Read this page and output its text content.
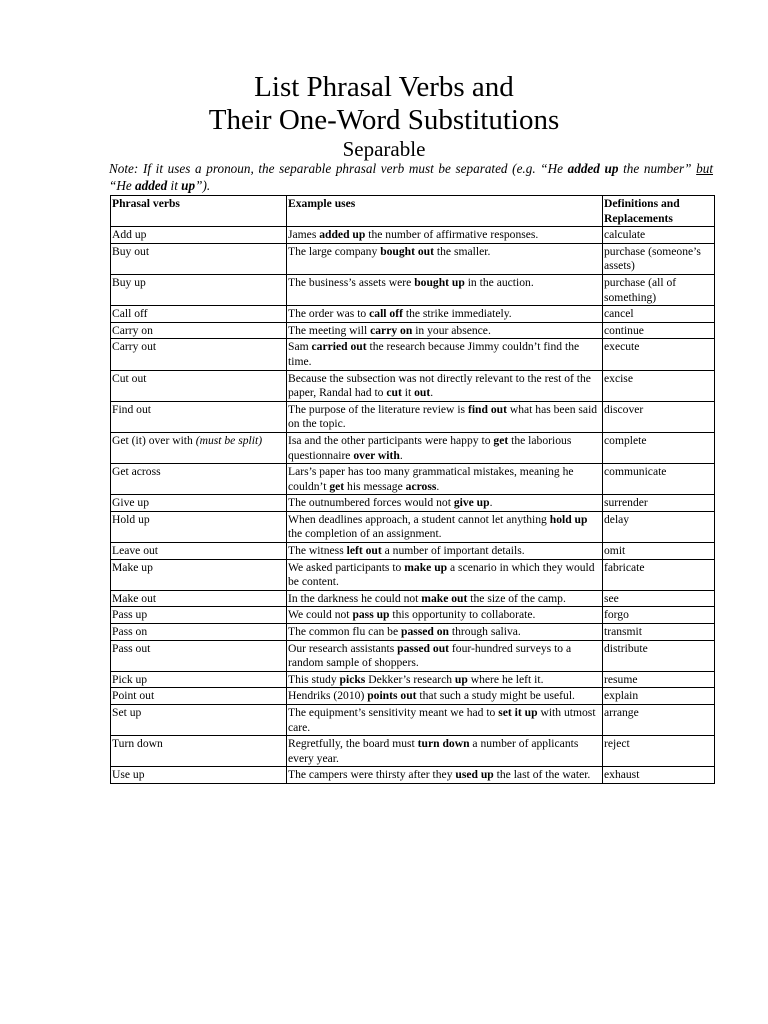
List Phrasal Verbs and
Their One-Word Substitutions
Separable
Note: If it uses a pronoun, the separable phrasal verb must be separated (e.g. “He added up the number” but “He added it up”).
Phrasal verbs	Example uses	Definitions and Replacements
Add up	James added up the number of affirmative responses.	calculate
Buy out	The large company bought out the smaller.	purchase (someone’s assets)
Buy up	The business’s assets were bought up in the auction.	purchase (all of something)
Call off	The order was to call off the strike immediately.	cancel
Carry on	The meeting will carry on in your absence.	continue
Carry out	Sam carried out the research because Jimmy couldn’t find the time.	execute
Cut out	Because the subsection was not directly relevant to the rest of the paper, Randal had to cut it out.	excise
Find out	The purpose of the literature review is find out what has been said on the topic.	discover
Get (it) over with (must be split)	Isa and the other participants were happy to get the laborious questionnaire over with.	complete
Get across	Lars’s paper has too many grammatical mistakes, meaning he couldn’t get his message across.	communicate
Give up	The outnumbered forces would not give up.	surrender
Hold up	When deadlines approach, a student cannot let anything hold up the completion of an assignment.	delay
Leave out	The witness left out a number of important details.	omit
Make up	We asked participants to make up a scenario in which they would be content.	fabricate
Make out	In the darkness he could not make out the size of the camp.	see
Pass up	We could not pass up this opportunity to collaborate.	forgo
Pass on	The common flu can be passed on through saliva.	transmit
Pass out	Our research assistants passed out four-hundred surveys to a random sample of shoppers.	distribute
Pick up	This study picks Dekker’s research up where he left it.	resume
Point out	Hendriks (2010) points out that such a study might be useful.	explain
Set up	The equipment’s sensitivity meant we had to set it up with utmost care.	arrange
Turn down	Regretfully, the board must turn down a number of applicants every year.	reject
Use up	The campers were thirsty after they used up the last of the water.	exhaust
